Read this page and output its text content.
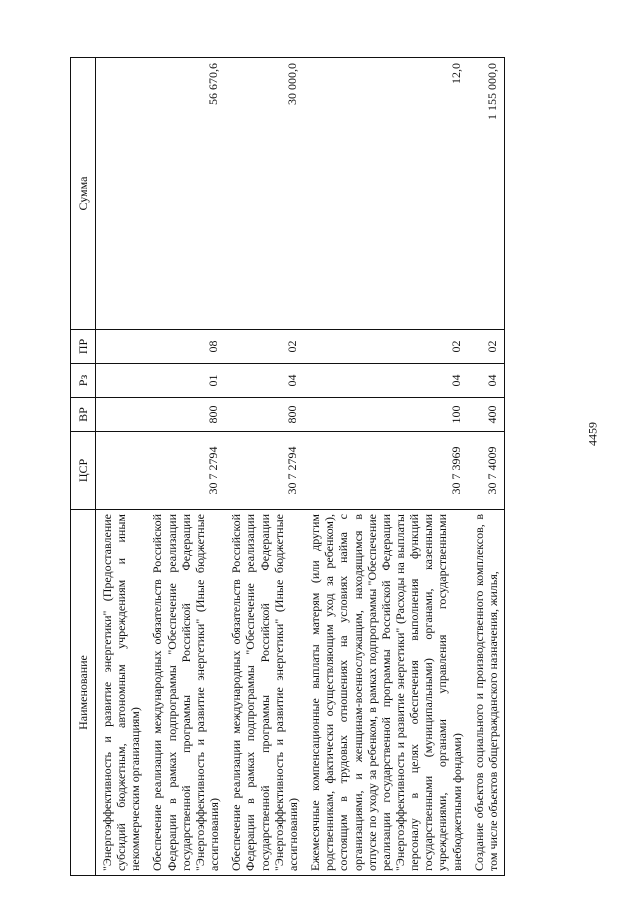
4459
Наименование	ЦСР	ВР	Рз	ПР	Сумма
"Энергоэффективность и развитие энергетики" (Предоставление субсидий бюджетным, автономным учреждениям и иным некоммерческим организациям)					
Обеспечение реализации международных обязательств Российской Федерации в рамках подпрограммы "Обеспечение реализации государственной программы Российской Федерации "Энергоэффективность и развитие энергетики" (Иные бюджетные ассигнования)	30 7 2794	800	01	08	56 670,6
Обеспечение реализации международных обязательств Российской Федерации в рамках подпрограммы "Обеспечение реализации государственной программы Российской Федерации "Энергоэффективность и развитие энергетики" (Иные бюджетные ассигнования)	30 7 2794	800	04	02	30 000,0
Ежемесячные компенсационные выплаты матерям (или другим родственникам, фактически осуществляющим уход за ребенком), состоящим в трудовых отношениях на условиях найма с организациями, и женщинам-военнослужащим, находящимся в отпуске по уходу за ребенком, в рамках подпрограммы "Обеспечение реализации государственной программы Российской Федерации "Энергоэффективность и развитие энергетики" (Расходы на выплаты персоналу в целях обеспечения выполнения функций государственными (муниципальными) органами, казенными учреждениями, органами управления государственными внебюджетными фондами)	30 7 3969	100	04	02	12,0
Создание объектов социального и производственного комплексов, в том числе объектов общегражданского назначения, жилья,	30 7 4009	400	04	02	1 155 000,0
